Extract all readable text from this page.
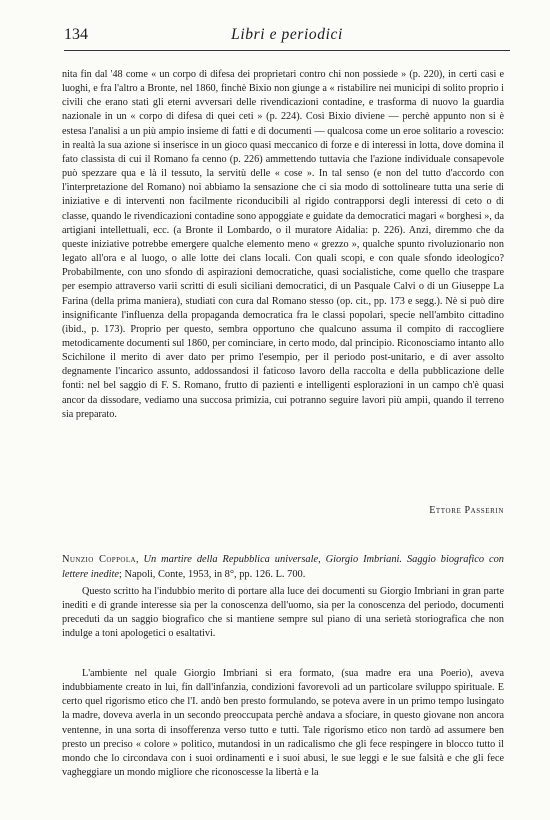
134	Libri e periodici

nita fin dal '48 come « un corpo di difesa dei proprietari contro chi non possiede » (p. 220), in certi casi e luoghi, e fra l'altro a Bronte, nel 1860, finchè Bixio non giunge a « ristabilire nei municipi di solito proprio i civili che erano stati gli eterni avversari delle rivendicazioni contadine, e trasforma di nuovo la guardia nazionale in un « corpo di difesa di quei ceti » (p. 224). Così Bixio diviene — perchè appunto non si è estesa l'analisi a un più ampio insieme di fatti e di documenti — qualcosa come un eroe solitario a rovescio: in realtà la sua azione si inserisce in un gioco quasi meccanico di forze e di interessi in lotta, dove domina il fato classista di cui il Romano fa cenno (p. 226) ammettendo tuttavia che l'azione individuale consapevole può spezzare qua e là il tessuto, la servitù delle « cose ». In tal senso (e non del tutto d'accordo con l'interpretazione del Romano) noi abbiamo la sensazione che ci sia modo di sottolineare tutta una serie di iniziative e di interventi non facilmente riconducibili al rigido contrapporsi degli interessi di ceto o di classe, quando le rivendicazioni contadine sono appoggiate e guidate da democratici magari « borghesi », da artigiani intellettuali, ecc. (a Bronte il Lombardo, o il muratore Aidalia: p. 226). Anzi, diremmo che da queste iniziative potrebbe emergere qualche elemento meno « grezzo », qualche spunto rivoluzionario non legato all'ora e al luogo, o alle lotte dei clans locali. Con quali scopi, e con quale sfondo ideologico? Probabilmente, con uno sfondo di aspirazioni democratiche, quasi socialistiche, come quello che traspare per esempio attraverso varii scritti di esuli siciliani democratici, di un Pasquale Calvi o di un Giuseppe La Farina (della prima maniera), studiati con cura dal Romano stesso (op. cit., pp. 173 e segg.). Nè si può dire insignificante l'influenza della propaganda democratica fra le classi popolari, specie nell'ambito cittadino (ibid., p. 173). Proprio per questo, sembra opportuno che qualcuno assuma il compito di raccogliere metodicamente documenti sul 1860, per cominciare, in certo modo, dal principio. Riconosciamo intanto allo Scichilone il merito di aver dato per primo l'esempio, per il periodo post-unitario, e di aver assolto degnamente l'incarico assunto, addossandosi il faticoso lavoro della raccolta e della pubblicazione delle fonti: nel bel saggio di F. S. Romano, frutto di pazienti e intelligenti esplorazioni in un campo ch'è quasi ancor da dissodare, vediamo una succosa primizia, cui potranno seguire lavori più ampii, quando il terreno sia preparato.

Ettore Passerin

Nunzio Coppola, Un martire della Repubblica universale, Giorgio Imbriani. Saggio biografico con lettere inedite; Napoli, Conte, 1953, in 8°, pp. 126. L. 700.

Questo scritto ha l'indubbio merito di portare alla luce dei documenti su Giorgio Imbriani in gran parte inediti e di grande interesse sia per la conoscenza dell'uomo, sia per la conoscenza del periodo, documenti preceduti da un saggio biografico che si mantiene sempre sul piano di una serietà storiografica che non indulge a toni apologetici o esaltativi.

L'ambiente nel quale Giorgio Imbriani si era formato, (sua madre era una Poerio), aveva indubbiamente creato in lui, fin dall'infanzia, condizioni favorevoli ad un particolare sviluppo spirituale. E certo quel rigorismo etico che l'I. andò ben presto formulando, se poteva avere in un primo tempo lusingato la madre, doveva averla in un secondo preoccupata perchè andava a sfociare, in questo giovane non ancora ventenne, in una sorta di insofferenza verso tutto e tutti. Tale rigorismo etico non tardò ad assumere ben presto un preciso « colore » politico, mutandosi in un radicalismo che gli fece respingere in blocco tutto il mondo che lo circondava con i suoi ordinamenti e i suoi abusi, le sue leggi e le sue falsità e che gli fece vagheggiare un mondo migliore che riconoscesse la libertà e la
